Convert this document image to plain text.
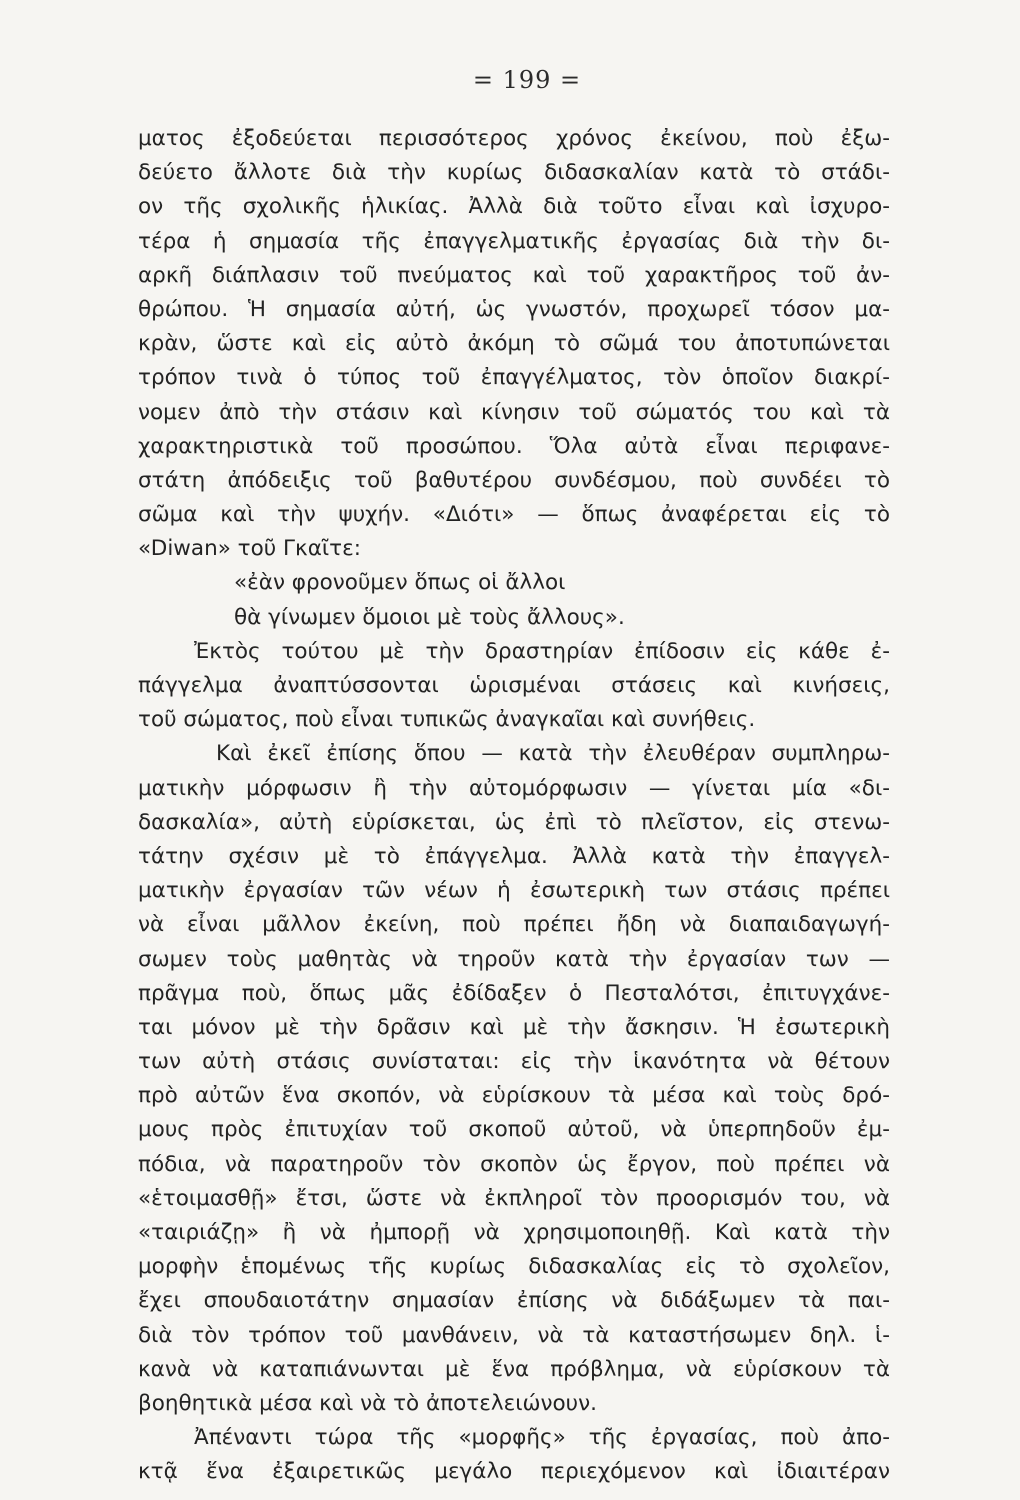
= 199 =
ματος ἐξοδεύεται περισσότερος χρόνος ἐκείνου, ποὺ ἐξω-
δεύετο ἄλλοτε διὰ τὴν κυρίως διδασκαλίαν κατὰ τὸ στάδι-
ον τῆς σχολικῆς ἡλικίας. Ἀλλὰ διὰ τοῦτο εἶναι καὶ ἰσχυρο-
τέρα ἡ σημασία τῆς ἐπαγγελματικῆς ἐργασίας διὰ τὴν δι-
αρκῆ διάπλασιν τοῦ πνεύματος καὶ τοῦ χαρακτῆρος τοῦ ἀν-
θρώπου. Ἡ σημασία αὐτή, ὡς γνωστόν, προχωρεῖ τόσον μα-
κρὰν, ὥστε καὶ εἰς αὐτὸ ἀκόμη τὸ σῶμά του ἀποτυπώνεται
τρόπον τινὰ ὁ τύπος τοῦ ἐπαγγέλματος, τὸν ὁποῖον διακρί-
νομεν ἀπὸ τὴν στάσιν καὶ κίνησιν τοῦ σώματός του καὶ τὰ
χαρακτηριστικὰ τοῦ προσώπου. Ὅλα αὐτὰ εἶναι περιφανε-
στάτη ἀπόδειξις τοῦ βαθυτέρου συνδέσμου, ποὺ συνδέει τὸ
σῶμα καὶ τὴν ψυχήν. «Διότι» — ὅπως ἀναφέρεται εἰς τὸ
«Diwan» τοῦ Γκαῖτε:
«ἐὰν φρονοῦμεν ὅπως οἱ ἄλλοι
θὰ γίνωμεν ὅμοιοι μὲ τοὺς ἄλλους».
Ἐκτὸς τούτου μὲ τὴν δραστηρίαν ἐπίδοσιν εἰς κάθε ἐ-
πάγγελμα ἀναπτύσσονται ὡρισμέναι στάσεις καὶ κινήσεις,
τοῦ σώματος, ποὺ εἶναι τυπικῶς ἀναγκαῖαι καὶ συνήθεις.
Καὶ ἐκεῖ ἐπίσης ὅπου — κατὰ τὴν ἐλευθέραν συμπληρω-
ματικὴν μόρφωσιν ἢ τὴν αὐτομόρφωσιν — γίνεται μία «δι-
δασκαλία», αὐτὴ εὑρίσκεται, ὡς ἐπὶ τὸ πλεῖστον, εἰς στενω-
τάτην σχέσιν μὲ τὸ ἐπάγγελμα. Ἀλλὰ κατὰ τὴν ἐπαγγελ-
ματικὴν ἐργασίαν τῶν νέων ἡ ἐσωτερικὴ των στάσις πρέπει
νὰ εἶναι μᾶλλον ἐκείνη, ποὺ πρέπει ἤδη νὰ διαπαιδαγωγή-
σωμεν τοὺς μαθητὰς νὰ τηροῦν κατὰ τὴν ἐργασίαν των —
πρᾶγμα ποὺ, ὅπως μᾶς ἐδίδαξεν ὁ Πεσταλότσι, ἐπιτυγχάνε-
ται μόνον μὲ τὴν δρᾶσιν καὶ μὲ τὴν ἄσκησιν. Ἡ ἐσωτερικὴ
των αὐτὴ στάσις συνίσταται: εἰς τὴν ἱκανότητα νὰ θέτουν
πρὸ αὐτῶν ἕνα σκοπόν, νὰ εὑρίσκουν τὰ μέσα καὶ τοὺς δρό-
μους πρὸς ἐπιτυχίαν τοῦ σκοποῦ αὐτοῦ, νὰ ὑπερπηδοῦν ἐμ-
πόδια, νὰ παρατηροῦν τὸν σκοπὸν ὡς ἔργον, ποὺ πρέπει νὰ
«ἑτοιμασθῇ» ἔτσι, ὥστε νὰ ἐκπληροῖ τὸν προορισμόν του, νὰ
«ταιριάζῃ» ἢ νὰ ἠμπορῇ νὰ χρησιμοποιηθῇ. Καὶ κατὰ τὴν
μορφὴν ἑπομένως τῆς κυρίως διδασκαλίας εἰς τὸ σχολεῖον,
ἔχει σπουδαιοτάτην σημασίαν ἐπίσης νὰ διδάξωμεν τὰ παι-
διὰ τὸν τρόπον τοῦ μανθάνειν, νὰ τὰ καταστήσωμεν δηλ. ἱ-
κανὰ νὰ καταπιάνωνται μὲ ἕνα πρόβλημα, νὰ εὑρίσκουν τὰ
βοηθητικὰ μέσα καὶ νὰ τὸ ἀποτελειώνουν.
Ἀπέναντι τώρα τῆς «μορφῆς» τῆς ἐργασίας, ποὺ ἀπο-
κτᾷ ἕνα ἐξαιρετικῶς μεγάλο περιεχόμενον καὶ ἰδιαιτέραν
